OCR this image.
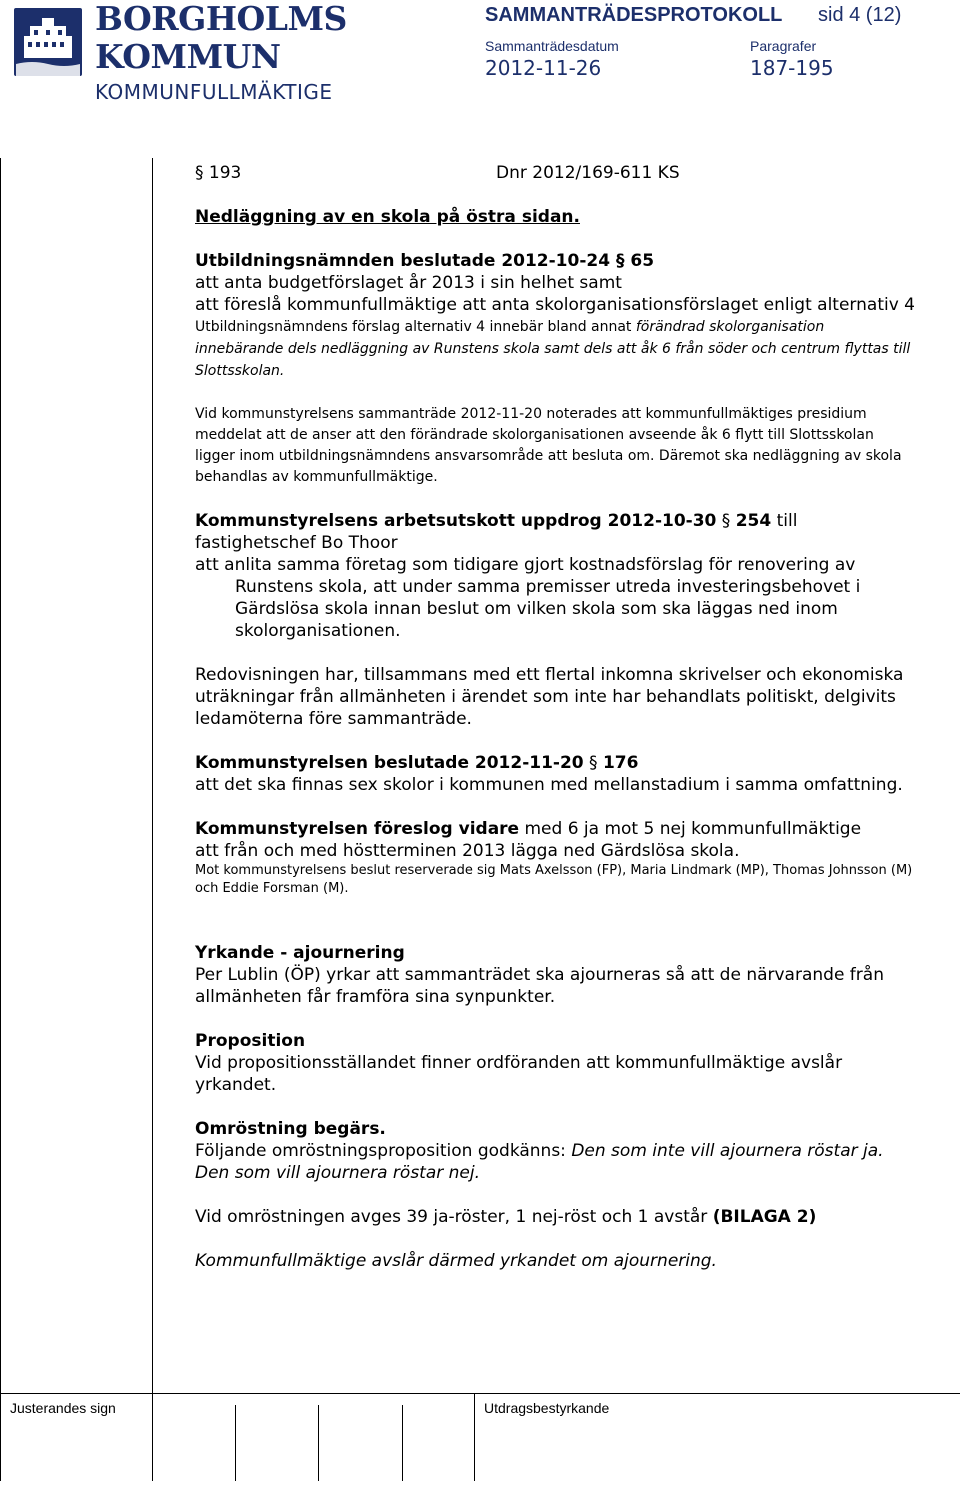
BORGHOLMS
KOMMUN
KOMMUNFULLMÄKTIGE
SAMMANTRÄDESPROTOKOLL sid 4 (12)
Sammanträdesdatum
2012-11-26
Paragrafer
187-195

§ 193	Dnr 2012/169-611 KS

Nedläggning av en skola på östra sidan.

Utbildningsnämnden beslutade 2012-10-24 § 65

att anta budgetförslaget år 2013 i sin helhet samt

att föreslå kommunfullmäktige att anta skolorganisationsförslaget enligt alternativ 4

Utbildningsnämndens förslag alternativ 4 innebär bland annat förändrad skolorganisation innebärande dels nedläggning av Runstens skola samt dels att åk 6 från söder och centrum flyttas till Slottsskolan.

Vid kommunstyrelsens sammanträde 2012-11-20 noterades att kommunfullmäktiges presidium meddelat att de anser att den förändrade skolorganisationen avseende åk 6 flytt till Slottsskolan ligger inom utbildningsnämndens ansvarsområde att besluta om. Däremot ska nedläggning av skola behandlas av kommunfullmäktige.

Kommunstyrelsens arbetsutskott uppdrog 2012-10-30 § 254 till fastighetschef Bo Thoor

att anlita samma företag som tidigare gjort kostnadsförslag för renovering av Runstens skola, att under samma premisser utreda investeringsbehovet i Gärdslösa skola innan beslut om vilken skola som ska läggas ned inom skolorganisationen.

Redovisningen har, tillsammans med ett flertal inkomna skrivelser och ekonomiska uträkningar från allmänheten i ärendet som inte har behandlats politiskt, delgivits ledamöterna före sammanträde.

Kommunstyrelsen beslutade 2012-11-20 § 176

att det ska finnas sex skolor i kommunen med mellanstadium i samma omfattning.

Kommunstyrelsen föreslog vidare med 6 ja mot 5 nej kommunfullmäktige

att från och med höstterminen 2013 lägga ned Gärdslösa skola.

Mot kommunstyrelsens beslut reserverade sig Mats Axelsson (FP), Maria Lindmark (MP), Thomas Johnsson (M) och Eddie Forsman (M).

Yrkande - ajournering

Per Lublin (ÖP) yrkar att sammanträdet ska ajourneras så att de närvarande från allmänheten får framföra sina synpunkter.

Proposition

Vid propositionsställandet finner ordföranden att kommunfullmäktige avslår yrkandet.

Omröstning begärs.

Följande omröstningsproposition godkänns: Den som inte vill ajournera röstar ja. Den som vill ajournera röstar nej.

Vid omröstningen avges 39 ja-röster, 1 nej-röst och 1 avstår (BILAGA 2)

Kommunfullmäktige avslår därmed yrkandet om ajournering.

Justerandes sign	Utdragsbestyrkande
